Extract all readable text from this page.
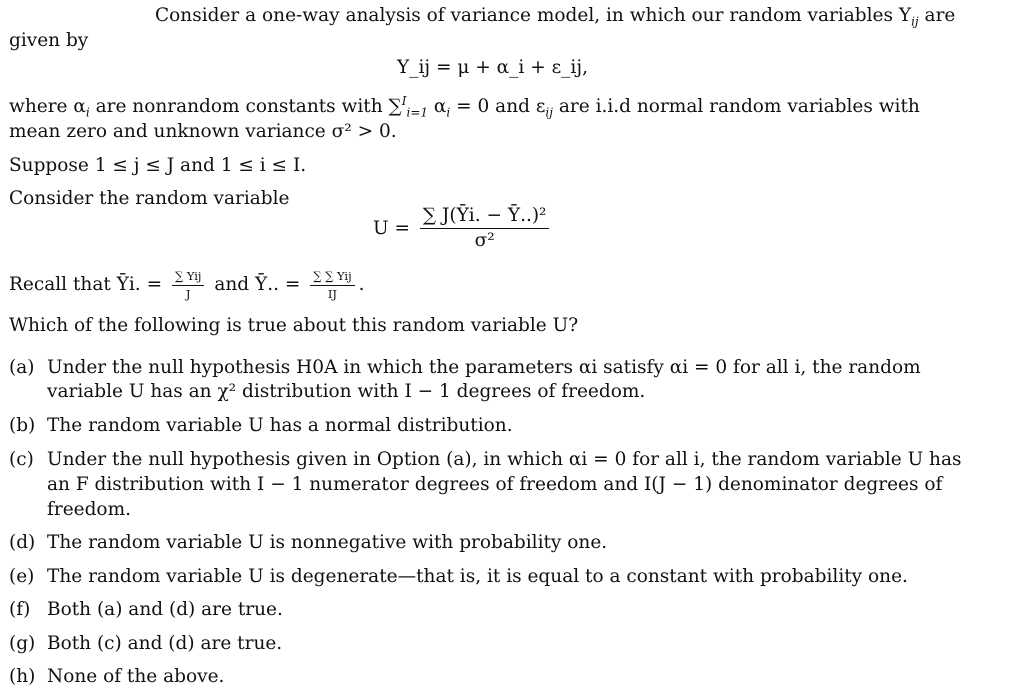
Consider a one-way analysis of variance model, in which our random variables $Y_{ij}$ are
given by
Y_ij = μ + α_i + ε_ij,
where $\alpha_i$ are nonrandom constants with ∑$^I_{i=1}$ $\alpha_i = 0$ and $\varepsilon_{ij}$ are i.i.d normal random variables with
mean zero and unknown variance σ² > 0.
Suppose 1 ≤ j ≤ J and 1 ≤ i ≤ I.
Consider the random variable
$U = \frac{\text{∑ J(Ȳi. − Ȳ..)²}}{\text{σ²}}$
Recall that Ȳi. = $\frac{\text{∑ Yij}}{J}$ and Ȳ.. = $\frac{\text{∑ ∑ Yij}}{IJ}$ .
Which of the following is true about this random variable U?
(a) Under the null hypothesis H0A in which the parameters αi satisfy αi = 0 for all i, the random
variable U has an χ² distribution with I − 1 degrees of freedom.
(b) The random variable U has a normal distribution.
(c) Under the null hypothesis given in Option (a), in which αi = 0 for all i, the random variable U has
an F distribution with I − 1 numerator degrees of freedom and I(J − 1) denominator degrees of
freedom.
(d) The random variable U is nonnegative with probability one.
(e) The random variable U is degenerate—that is, it is equal to a constant with probability one.
(f) Both (a) and (d) are true.
(g) Both (c) and (d) are true.
(h) None of the above.
